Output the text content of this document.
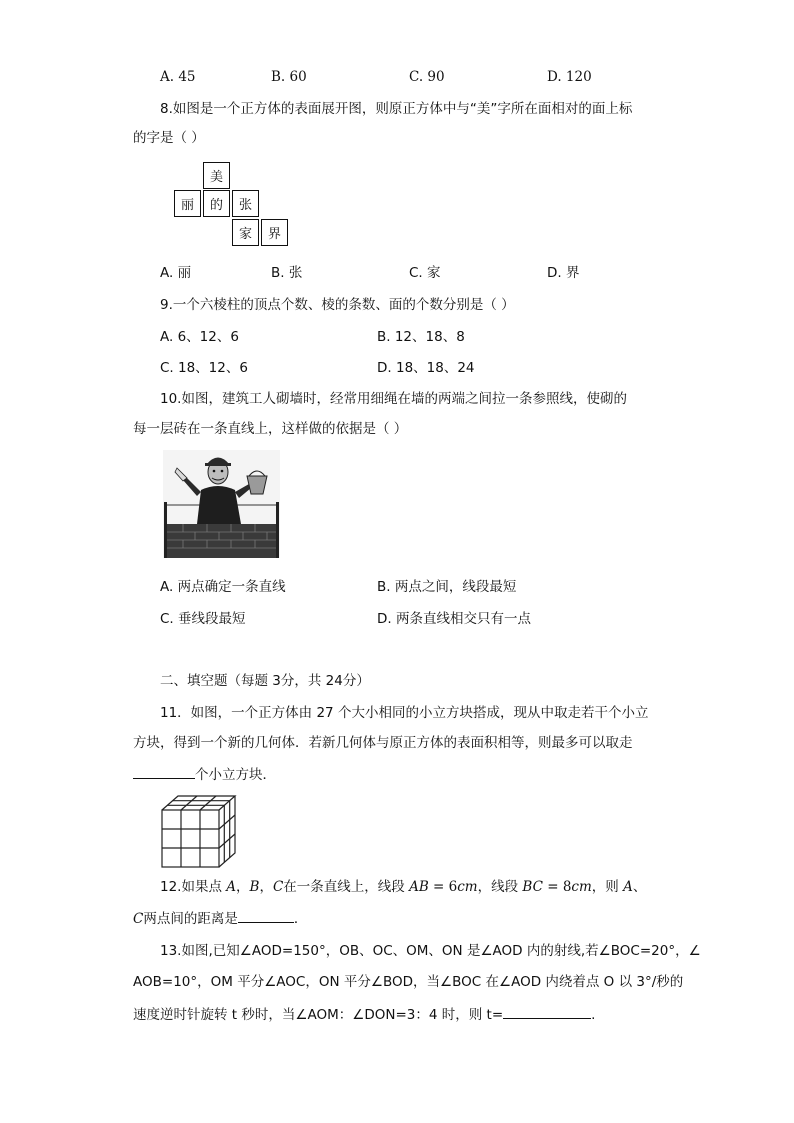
A. 45	B. 60	C. 90	D. 120
8.如图是一个正方体的表面展开图，则原正方体中与“美”字所在面相对的面上标
的字是（ ）
美
丽	的	张
家	界
A. 丽	B. 张	C. 家	D. 界
9.一个六棱柱的顶点个数、棱的条数、面的个数分别是（ ）
A. 6、12、6	B. 12、18、8
C. 18、12、6	D. 18、18、24
10.如图，建筑工人砌墙时，经常用细绳在墙的两端之间拉一条参照线，使砌的
每一层砖在一条直线上，这样做的依据是（ ）
A. 两点确定一条直线	B. 两点之间，线段最短
C. 垂线段最短	D. 两条直线相交只有一点
二、填空题（每题 3分，共 24分）
11．如图，一个正方体由 27 个大小相同的小立方块搭成，现从中取走若干个小立
方块，得到一个新的几何体．若新几何体与原正方体的表面积相等，则最多可以取走
个小立方块．
12.如果点 A，B，C在一条直线上，线段 AB = 6cm，线段 BC = 8cm，则 A、
C两点间的距离是	．
13.如图,已知∠AOD=150°，OB、OC、OM、ON 是∠AOD 内的射线,若∠BOC=20°，∠
AOB=10°，OM 平分∠AOC，ON 平分∠BOD，当∠BOC 在∠AOD 内绕着点 O 以 3°/秒的
速度逆时针旋转 t 秒时，当∠AOM：∠DON=3：4 时，则 t=	.
